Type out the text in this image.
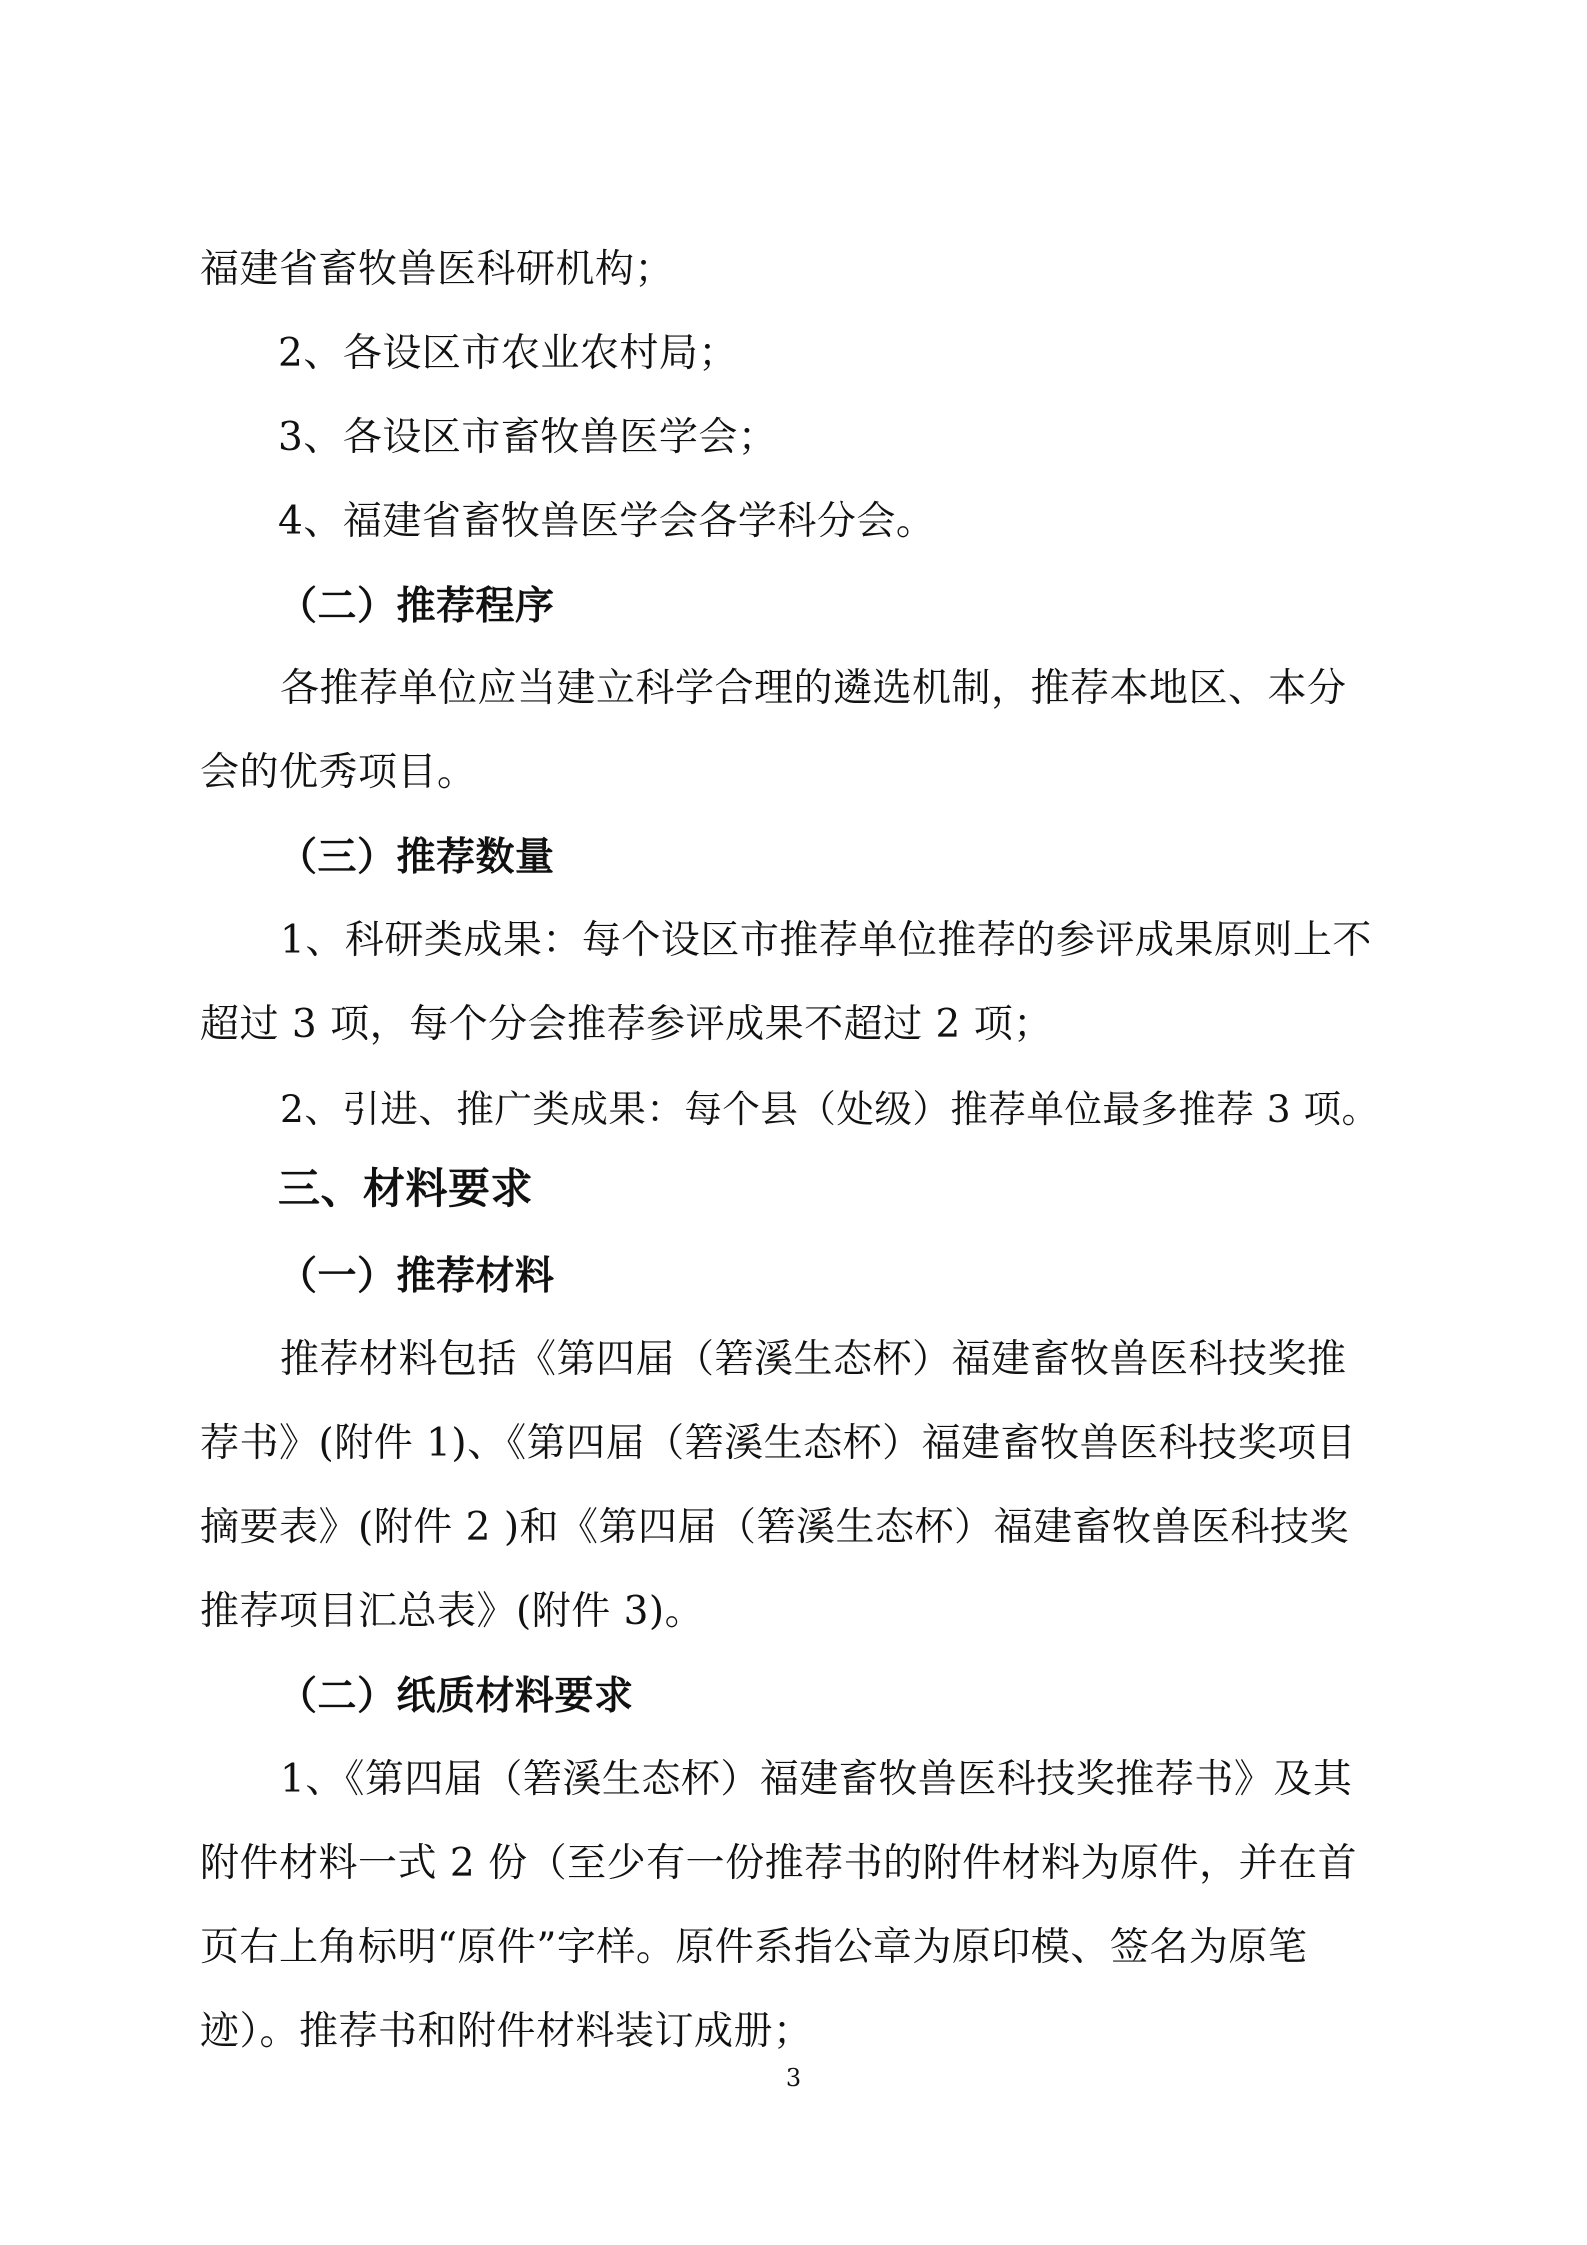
福建省畜牧兽医科研机构；
2、各设区市农业农村局；
3、各设区市畜牧兽医学会；
4、福建省畜牧兽医学会各学科分会。
（二）推荐程序
各推荐单位应当建立科学合理的遴选机制，推荐本地区、本分
会的优秀项目。
（三）推荐数量
1、科研类成果：每个设区市推荐单位推荐的参评成果原则上不
超过 3 项，每个分会推荐参评成果不超过 2 项；
2、引进、推广类成果：每个县（处级）推荐单位最多推荐 3 项。
三、材料要求
（一）推荐材料
推荐材料包括《第四届（箬溪生态杯）福建畜牧兽医科技奖推
荐书》(附件 1)、《第四届（箬溪生态杯）福建畜牧兽医科技奖项目
摘要表》(附件 2 )和《第四届（箬溪生态杯）福建畜牧兽医科技奖
推荐项目汇总表》(附件 3)。
（二）纸质材料要求
1、《第四届（箬溪生态杯）福建畜牧兽医科技奖推荐书》及其
附件材料一式 2 份（至少有一份推荐书的附件材料为原件，并在首
页右上角标明“原件”字样。原件系指公章为原印模、签名为原笔
迹）。推荐书和附件材料装订成册；
3
